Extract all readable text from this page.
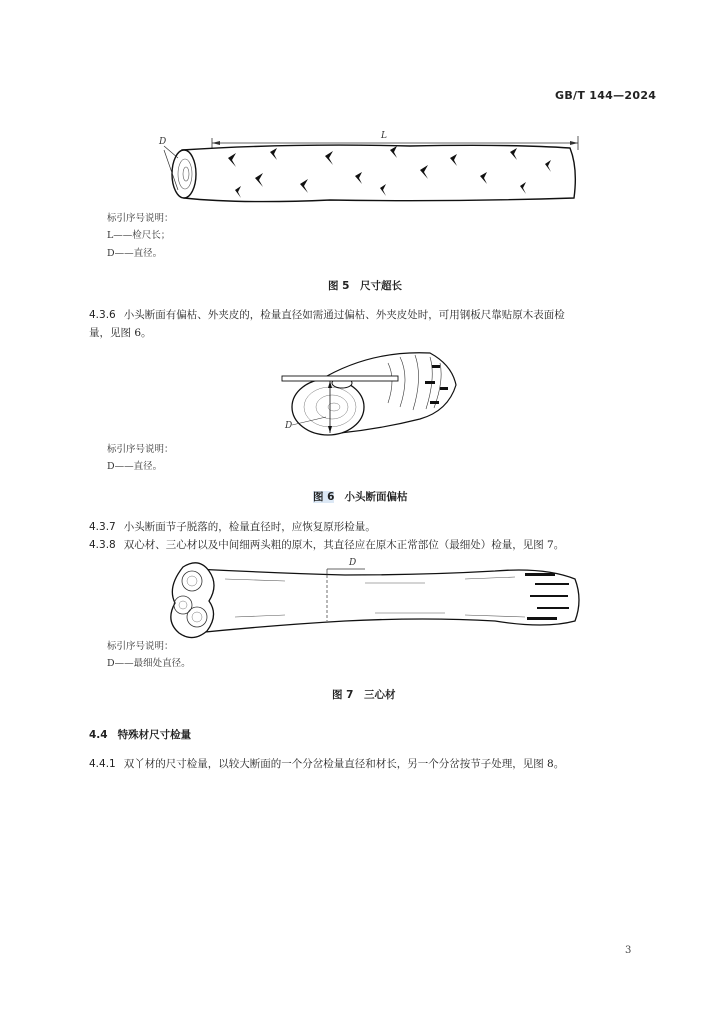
GB/T 144—2024
D
L
标引序号说明：
L——检尺长；
D——直径。
图 5　尺寸超长
4.3.6 小头断面有偏枯、外夹皮的，检量直径如需通过偏枯、外夹皮处时，可用钢板尺靠贴原木表面检
量，见图 6。
D
标引序号说明：
D——直径。
图 6 小头断面偏枯
4.3.7 小头断面节子脱落的，检量直径时，应恢复原形检量。
4.3.8 双心材、三心材以及中间细两头粗的原木，其直径应在原木正常部位（最细处）检量，见图 7。
D
标引序号说明：
D——最细处直径。
图 7　三心材
4.4 特殊材尺寸检量
4.4.1 双丫材的尺寸检量，以较大断面的一个分岔检量直径和材长，另一个分岔按节子处理，见图 8。
3
